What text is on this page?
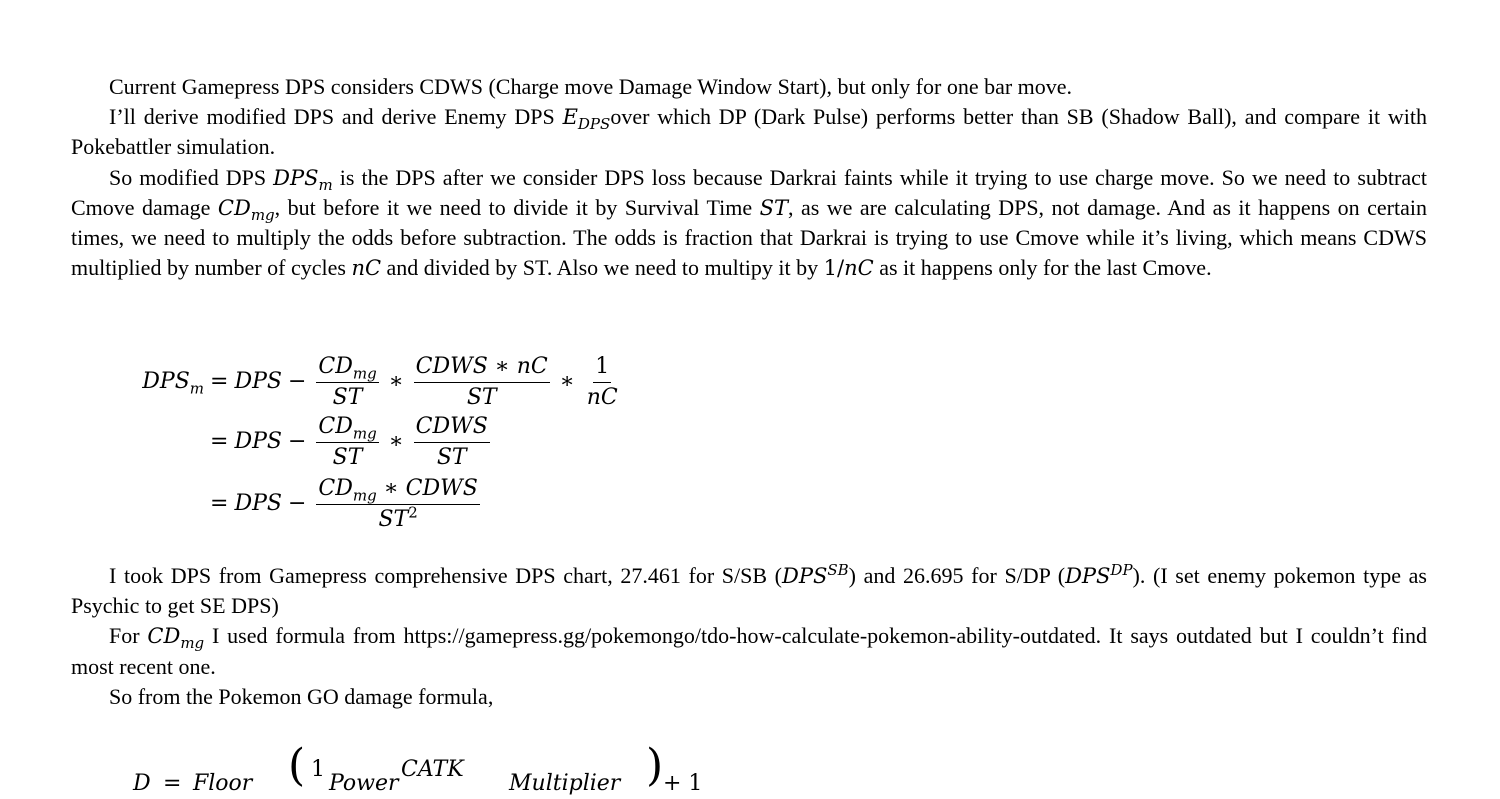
Current Gamepress DPS considers CDWS (Charge move Damage Window Start), but only for one bar move.

I’ll derive modified DPS and derive Enemy DPS $E_{DPS}over$ which DP (Dark Pulse) performs better than SB (Shadow Ball), and compare it with Pokebattler simulation.

So modified DPS $DPS_m$ is the DPS after we consider DPS loss because Darkrai faints while it trying to use charge move. So we need to subtract Cmove damage $CD_{mg}$, but before it we need to divide it by Survival Time ST, as we are calculating DPS, not damage. And as it happens on certain times, we need to multiply the odds before subtraction. The odds is fraction that Darkrai is trying to use Cmove while it’s living, which means CDWS multiplied by number of cycles nC and divided by ST. Also we need to multipy it by 1/nC as it happens only for the last Cmove.

$DPS_m$ = DPS − $\frac{CD_{mg}}{ST}$ ∗ $\frac{\text{CDWS ∗ nC}}{ST}$ ∗ $\frac{1}{nC}$
= DPS − $\frac{CD_{mg}}{ST}$ ∗ $\frac{\text{CDWS}}{ST}$
= DPS − $\frac{CD_{mg} ∗ CDWS}{ST^2}$

I took DPS from Gamepress comprehensive DPS chart, 27.461 for S/SB $(DPS^{SB})$ and 26.695 for S/DP $(DPS^{DP})$. (I set enemy pokemon type as Psychic to get SE DPS)

For $CD_{mg}$ I used formula from https://gamepress.gg/pokemongo/tdo-how-calculate-pokemon-ability-outdated. It says outdated but I couldn’t find most recent one.

So from the Pokemon GO damage formula,

D = Floor ( 1
Power
CATK
Multiplier ) + 1
